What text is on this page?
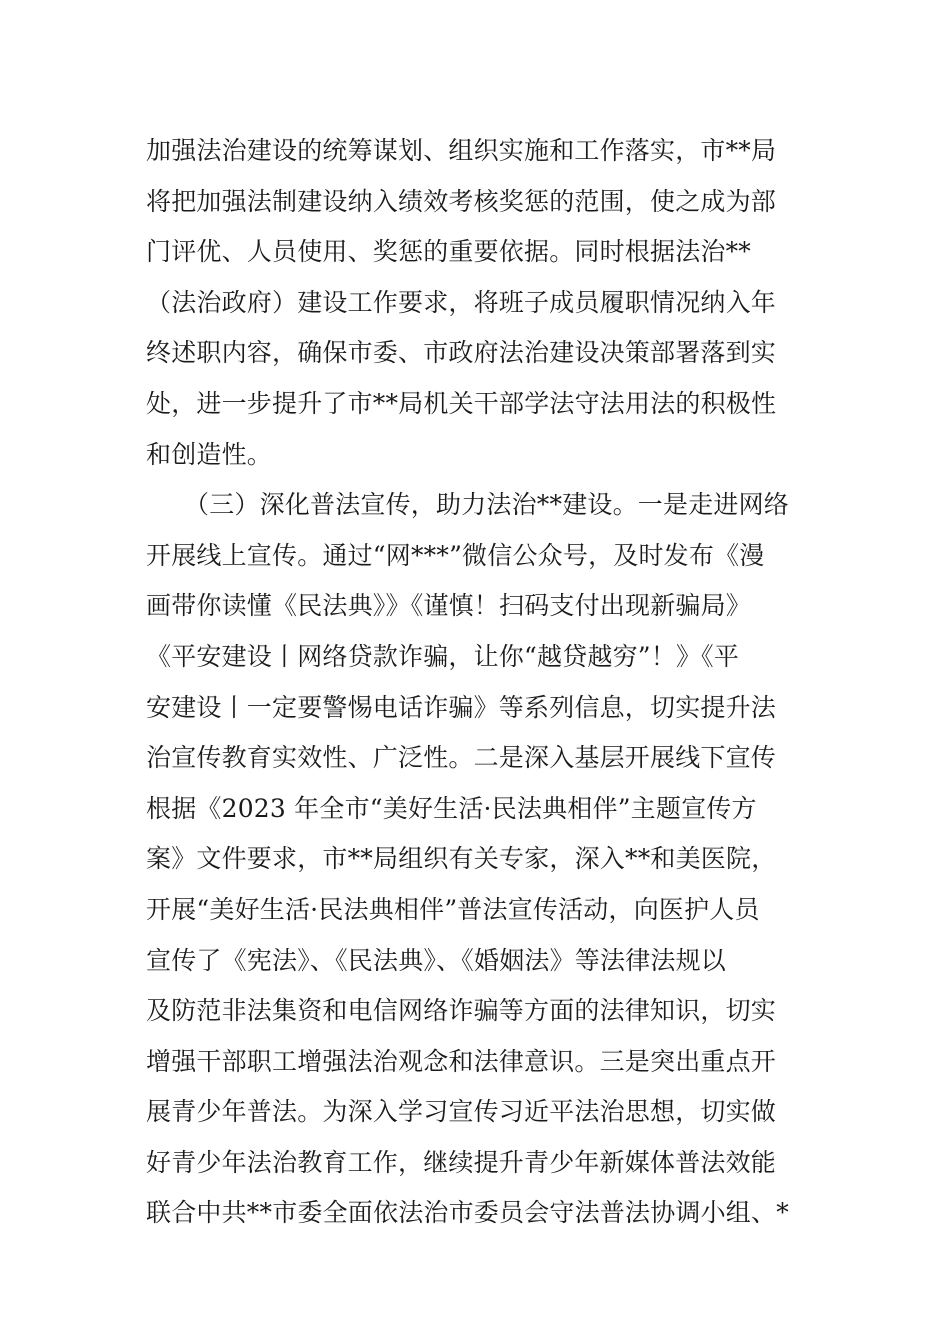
加强法治建设的统筹谋划、组织实施和工作落实，市**局
将把加强法制建设纳入绩效考核奖惩的范围，使之成为部
门评优、人员使用、奖惩的重要依据。同时根据法治**
（法治政府）建设工作要求，将班子成员履职情况纳入年
终述职内容，确保市委、市政府法治建设决策部署落到实
处，进一步提升了市**局机关干部学法守法用法的积极性
和创造性。
（三）深化普法宣传，助力法治**建设。一是走进网络
开展线上宣传。通过“网***”微信公众号，及时发布《漫
画带你读懂《民法典》》《谨慎！扫码支付出现新骗局》
《平安建设丨网络贷款诈骗，让你“越贷越穷”！》《平
安建设丨一定要警惕电话诈骗》等系列信息，切实提升法
治宣传教育实效性、广泛性。二是深入基层开展线下宣传
根据《2023 年全市“美好生活·民法典相伴”主题宣传方
案》文件要求，市**局组织有关专家，深入**和美医院，
开展“美好生活·民法典相伴”普法宣传活动，向医护人员
宣传了《宪法》、《民法典》、《婚姻法》等法律法规以
及防范非法集资和电信网络诈骗等方面的法律知识，切实
增强干部职工增强法治观念和法律意识。三是突出重点开
展青少年普法。为深入学习宣传习近平法治思想，切实做
好青少年法治教育工作，继续提升青少年新媒体普法效能
联合中共**市委全面依法治市委员会守法普法协调小组、*
